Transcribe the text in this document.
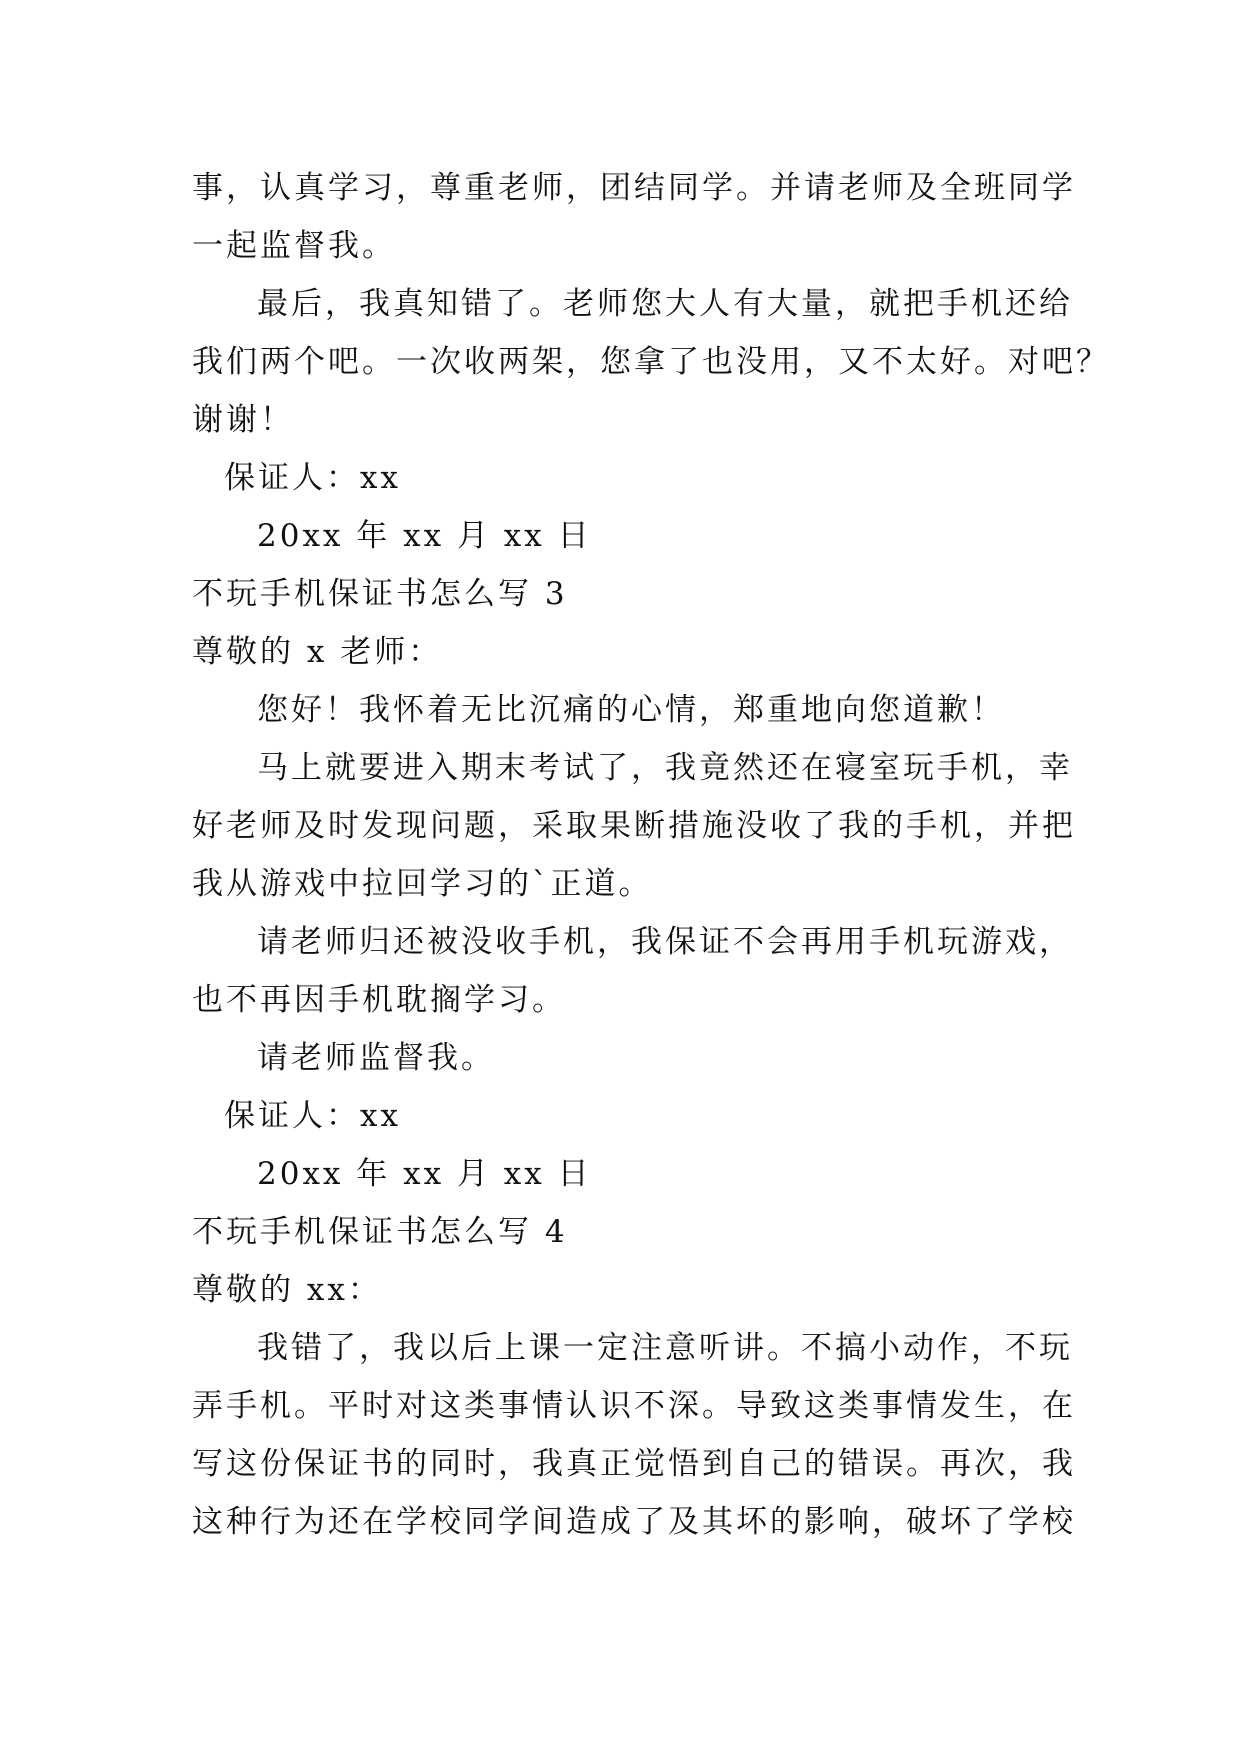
事，认真学习，尊重老师，团结同学。并请老师及全班同学
一起监督我。
最后，我真知错了。老师您大人有大量，就把手机还给
我们两个吧。一次收两架，您拿了也没用，又不太好。对吧？
谢谢！
保证人：xx
20xx 年 xx 月 xx 日
不玩手机保证书怎么写 3
尊敬的 x 老师：
您好！我怀着无比沉痛的心情，郑重地向您道歉！
马上就要进入期末考试了，我竟然还在寝室玩手机，幸
好老师及时发现问题，采取果断措施没收了我的手机，并把
我从游戏中拉回学习的`正道。
请老师归还被没收手机，我保证不会再用手机玩游戏，
也不再因手机耽搁学习。
请老师监督我。
保证人：xx
20xx 年 xx 月 xx 日
不玩手机保证书怎么写 4
尊敬的 xx：
我错了，我以后上课一定注意听讲。不搞小动作，不玩
弄手机。平时对这类事情认识不深。导致这类事情发生，在
写这份保证书的同时，我真正觉悟到自己的错误。再次，我
这种行为还在学校同学间造成了及其坏的影响，破坏了学校
